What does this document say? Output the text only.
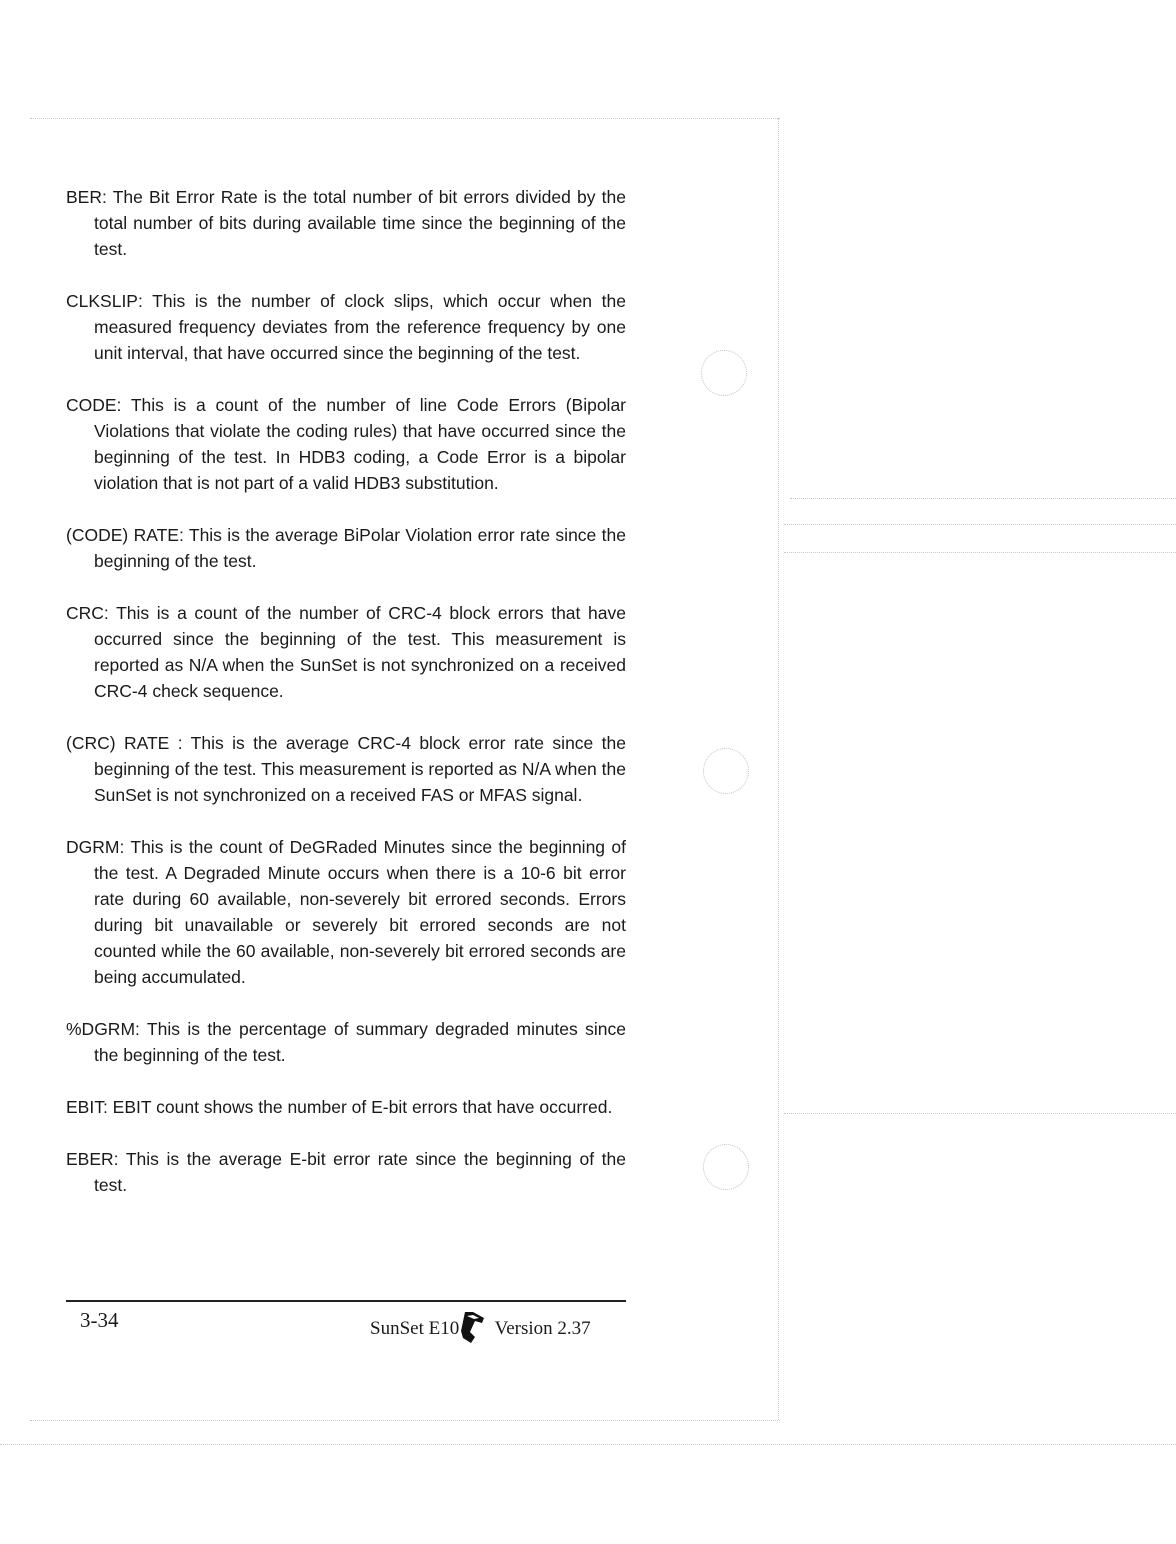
BER: The Bit Error Rate is the total number of bit errors divided by the total number of bits during available time since the beginning of the test.

CLKSLIP: This is the number of clock slips, which occur when the measured frequency deviates from the reference frequency by one unit interval, that have occurred since the beginning of the test.

CODE: This is a count of the number of line Code Errors (Bipolar Violations that violate the coding rules) that have occurred since the beginning of the test. In HDB3 coding, a Code Error is a bipolar violation that is not part of a valid HDB3 substitution.

(CODE) RATE: This is the average BiPolar Violation error rate since the beginning of the test.

CRC: This is a count of the number of CRC-4 block errors that have occurred since the beginning of the test. This measurement is reported as N/A when the SunSet is not synchronized on a received CRC-4 check sequence.

(CRC) RATE : This is the average CRC-4 block error rate since the beginning of the test. This measurement is reported as N/A when the SunSet is not synchronized on a received FAS or MFAS signal.

DGRM: This is the count of DeGRaded Minutes since the beginning of the test. A Degraded Minute occurs when there is a 10-6 bit error rate during 60 available, non-severely bit errored seconds. Errors during bit unavailable or severely bit errored seconds are not counted while the 60 available, non-severely bit errored seconds are being accumulated.

%DGRM: This is the percentage of summary degraded minutes since the beginning of the test.

EBIT: EBIT count shows the number of E-bit errors that have occurred.

EBER: This is the average E-bit error rate since the beginning of the test.

3-34	SunSet E10 Version 2.37
